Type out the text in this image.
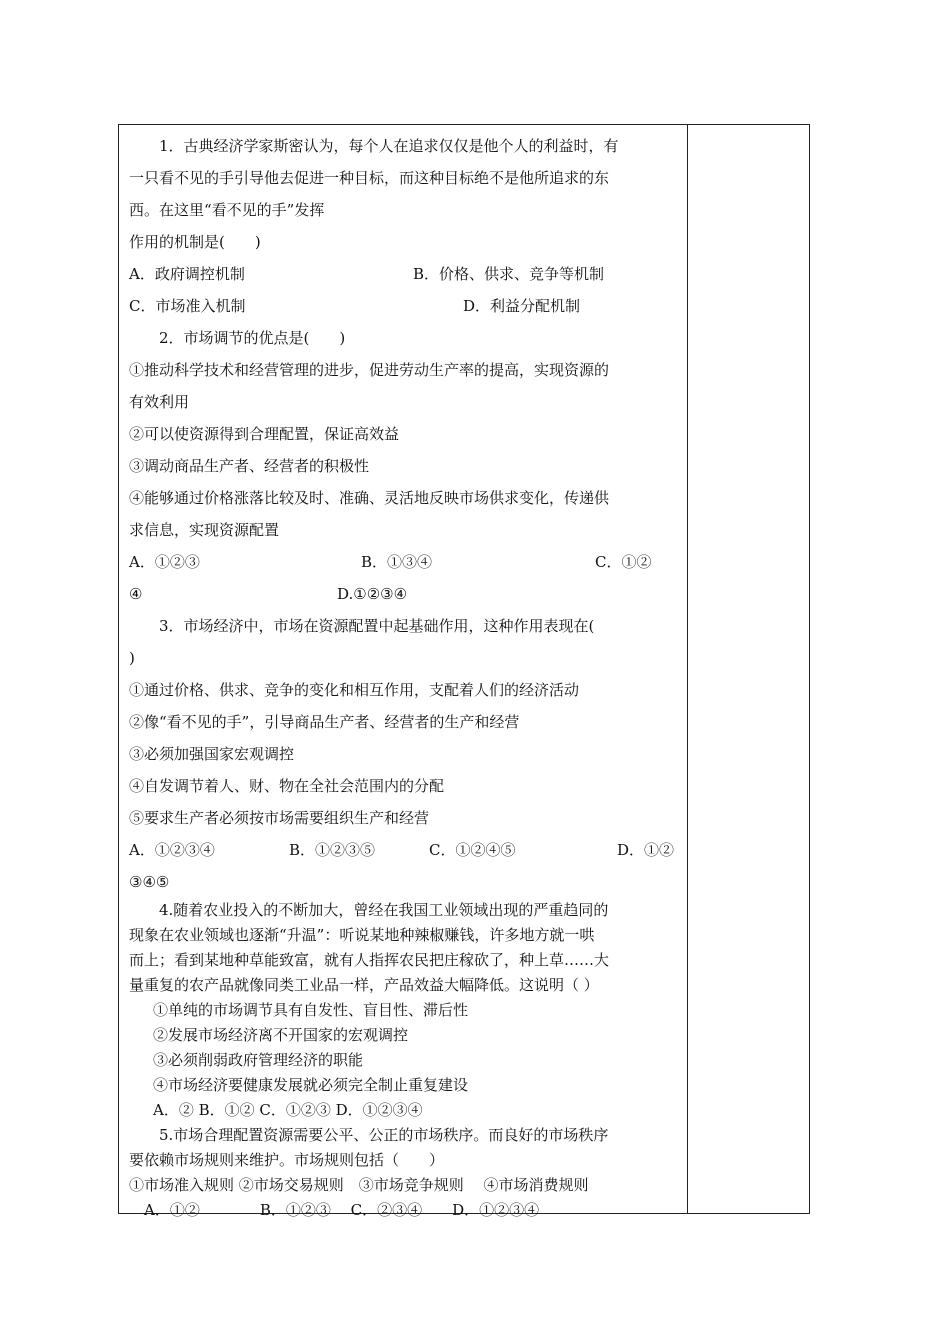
1．古典经济学家斯密认为，每个人在追求仅仅是他个人的利益时，有
一只看不见的手引导他去促进一种目标，而这种目标绝不是他所追求的东
西。在这里“看不见的手”发挥
作用的机制是(　　)
A．政府调控机制	B．价格、供求、竞争等机制
C．市场准入机制	D．利益分配机制
2．市场调节的优点是(　　)
①推动科学技术和经营管理的进步，促进劳动生产率的提高，实现资源的
有效利用
②可以使资源得到合理配置，保证高效益
③调动商品生产者、经营者的积极性
④能够通过价格涨落比较及时、准确、灵活地反映市场供求变化，传递供
求信息，实现资源配置
A．①②③	B．①③④	C．①②
④	D.①②③④
3．市场经济中，市场在资源配置中起基础作用，这种作用表现在(
)
①通过价格、供求、竞争的变化和相互作用，支配着人们的经济活动
②像“看不见的手”，引导商品生产者、经营者的生产和经营
③必须加强国家宏观调控
④自发调节着人、财、物在全社会范围内的分配
⑤要求生产者必须按市场需要组织生产和经营
A．①②③④	B．①②③⑤	C．①②④⑤	D．①②
③④⑤
4.随着农业投入的不断加大，曾经在我国工业领域出现的严重趋同的
现象在农业领域也逐渐“升温”：听说某地种辣椒赚钱，许多地方就一哄
而上；看到某地种草能致富，就有人指挥农民把庄稼砍了，种上草……大
量重复的农产品就像同类工业品一样，产品效益大幅降低。这说明（ ）
①单纯的市场调节具有自发性、盲目性、滞后性
②发展市场经济离不开国家的宏观调控
③必须削弱政府管理经济的职能
④市场经济要健康发展就必须完全制止重复建设
A．② B．①② C．①②③ D．①②③④
5.市场合理配置资源需要公平、公正的市场秩序。而良好的市场秩序
要依赖市场规则来维护。市场规则包括（　　）
①市场准入规则 ②市场交易规则　③市场竞争规则　 ④市场消费规则
　A．①②　　　　B．①②③　 C．②③④　　D．①②③④
